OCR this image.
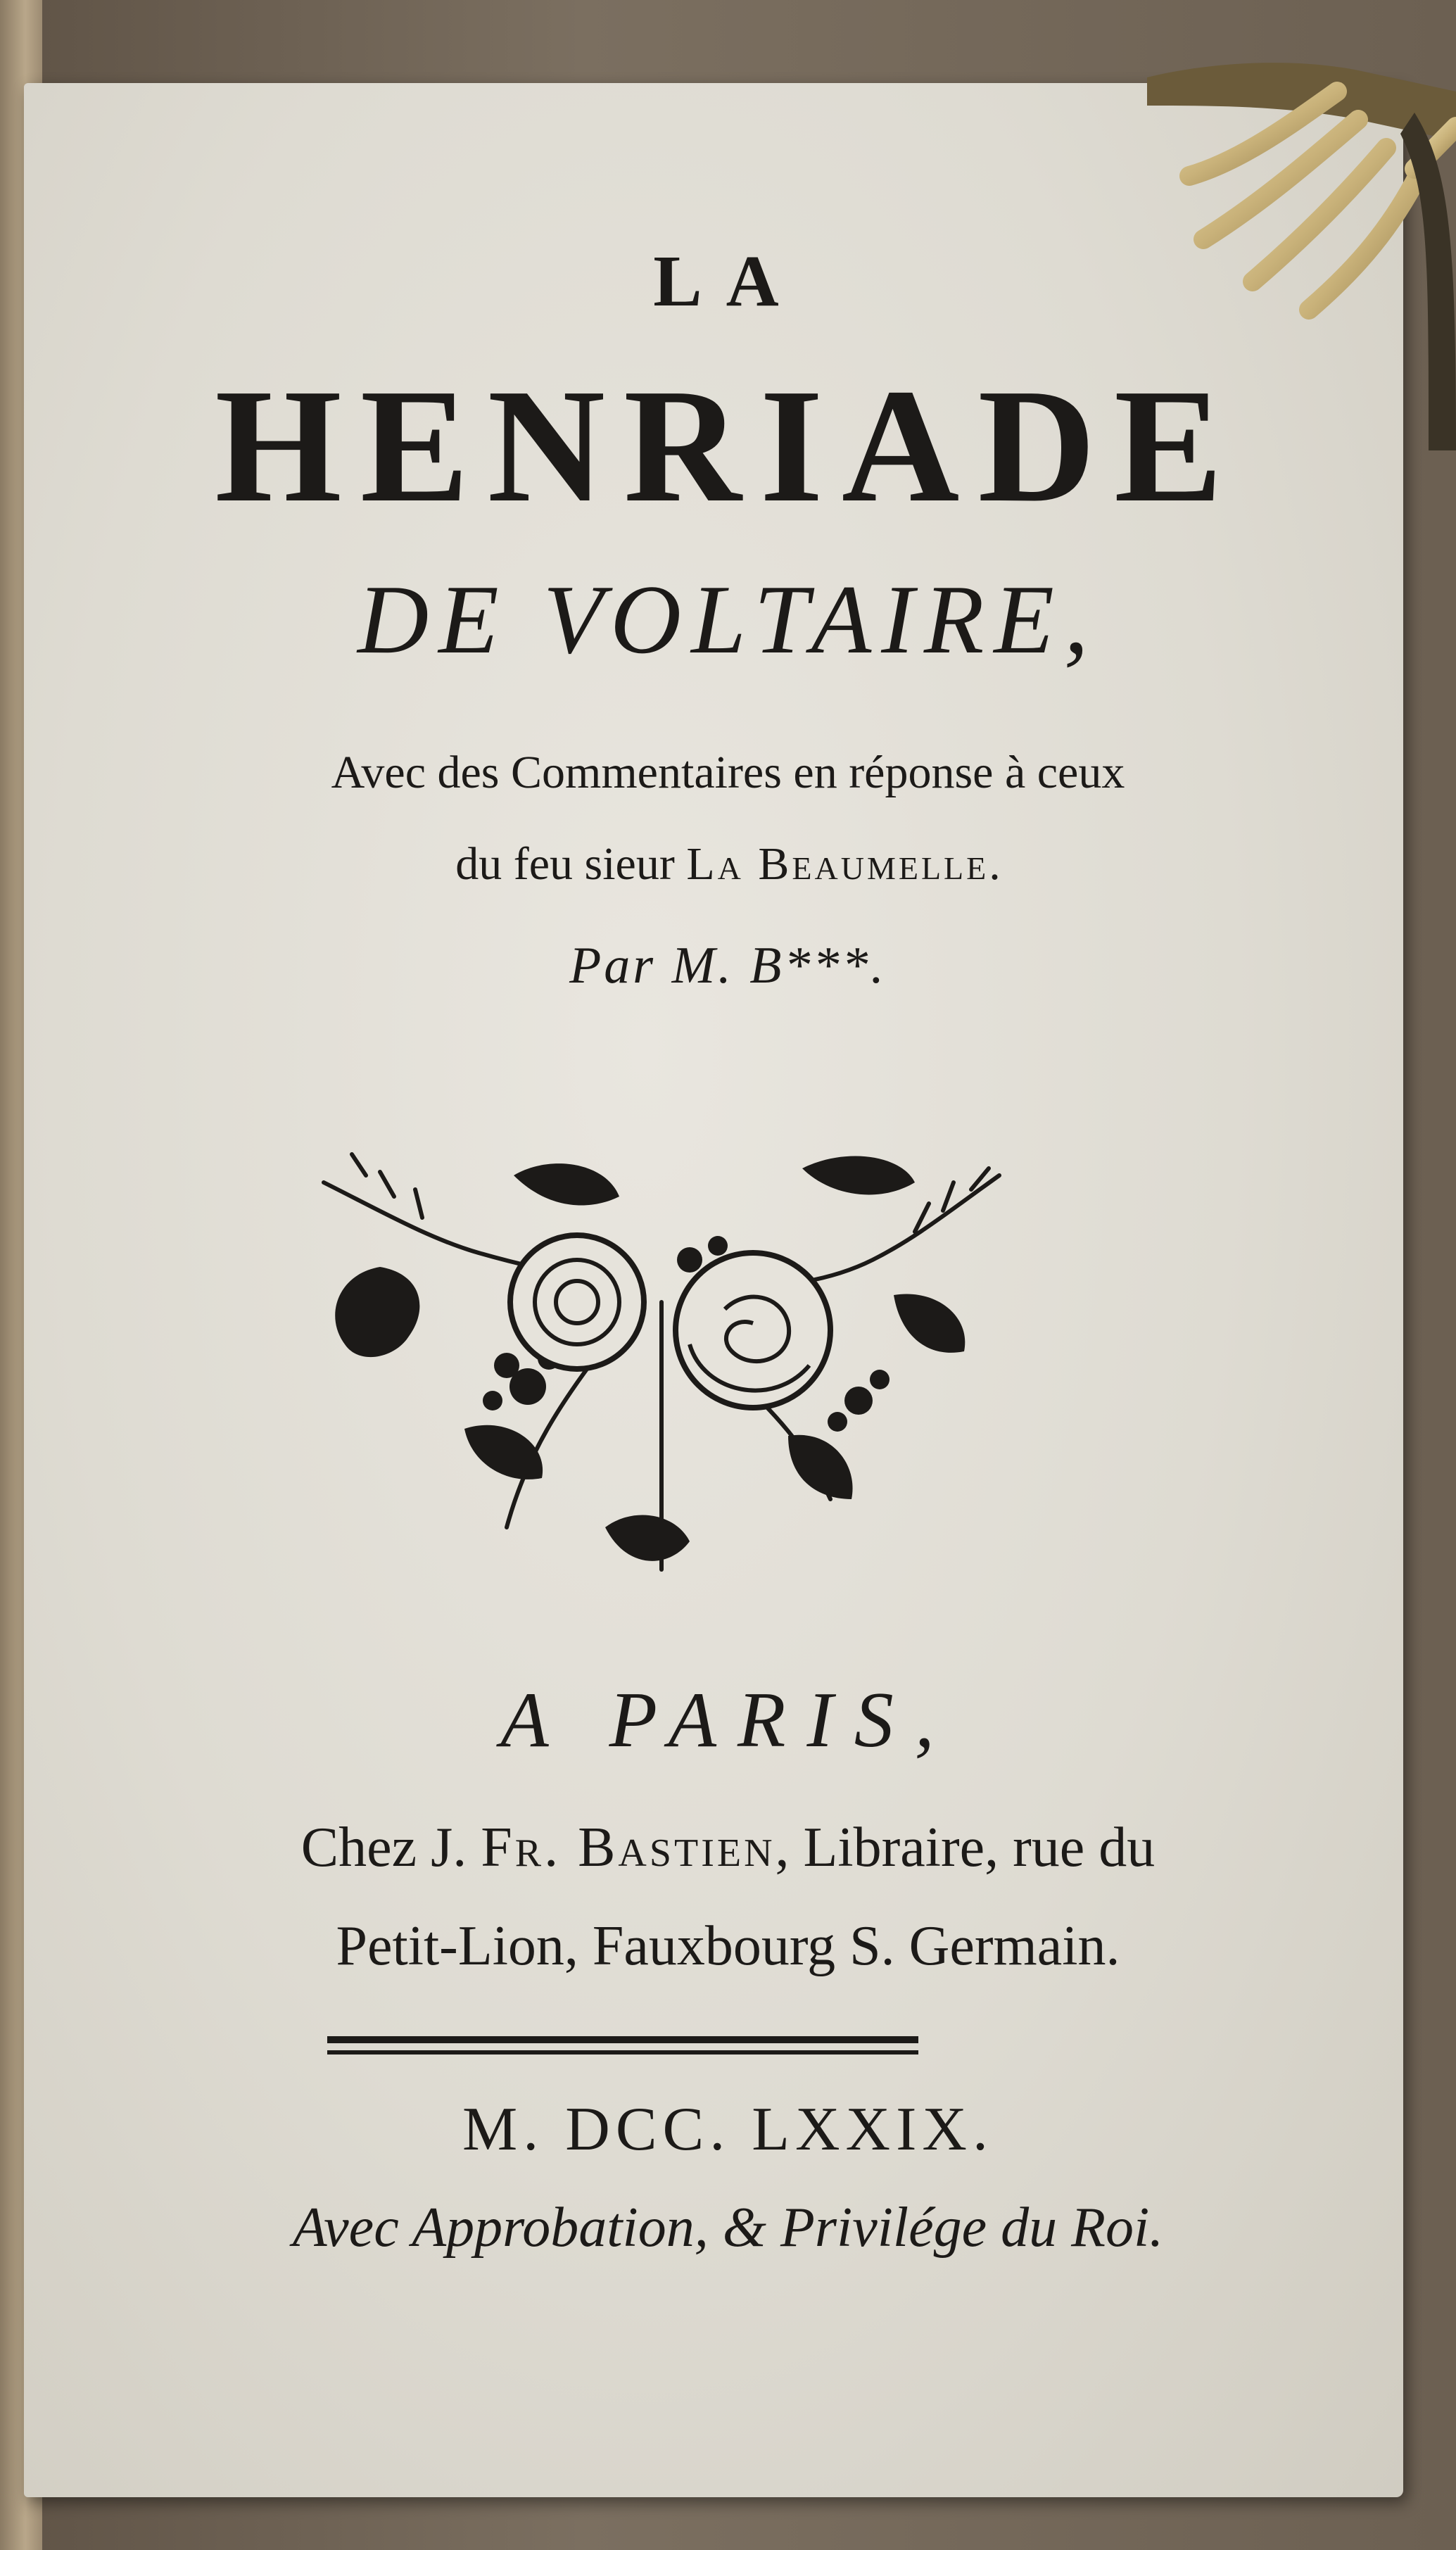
LA
HENRIADE
DE VOLTAIRE,
Avec des Commentaires en réponse à ceux
du feu sieur La Beaumelle.
Par M. B***.
A PARIS,
Chez J. Fr. Bastien, Libraire, rue du
Petit-Lion, Fauxbourg S. Germain.
M. DCC. LXXIX.
Avec Approbation, & Privilége du Roi.
